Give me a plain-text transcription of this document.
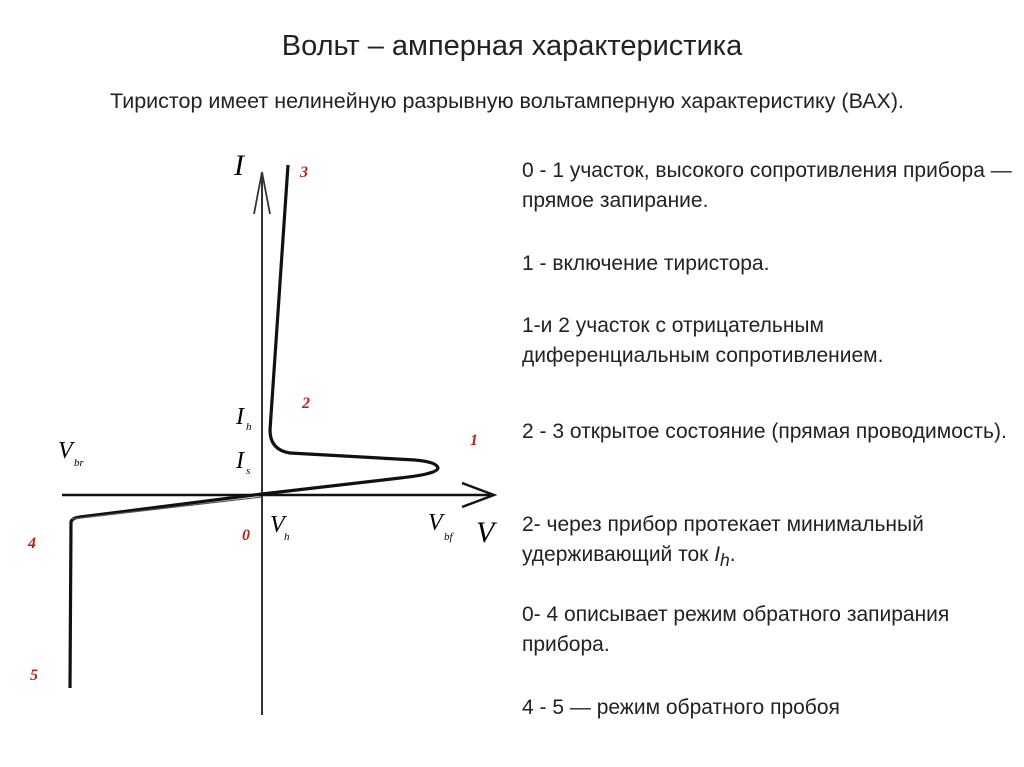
Вольт – амперная характеристика
Тиристор имеет нелинейную разрывную вольтамперную характеристику (ВАХ).
I
V
V br
I h
I s
V h
V
bf
0
1
2
3
4
5

0 - 1 участок, высокого сопротивления прибора — прямое запирание.

1 - включение тиристора.

1-и 2 участок с отрицательным диференциальным сопротивлением.

2 - 3 открытое состояние (прямая проводимость).

2- через прибор протекает минимальный удерживающий ток $I_h$.

0- 4 описывает режим обратного запирания прибора.

4 - 5 — режим обратного пробоя
